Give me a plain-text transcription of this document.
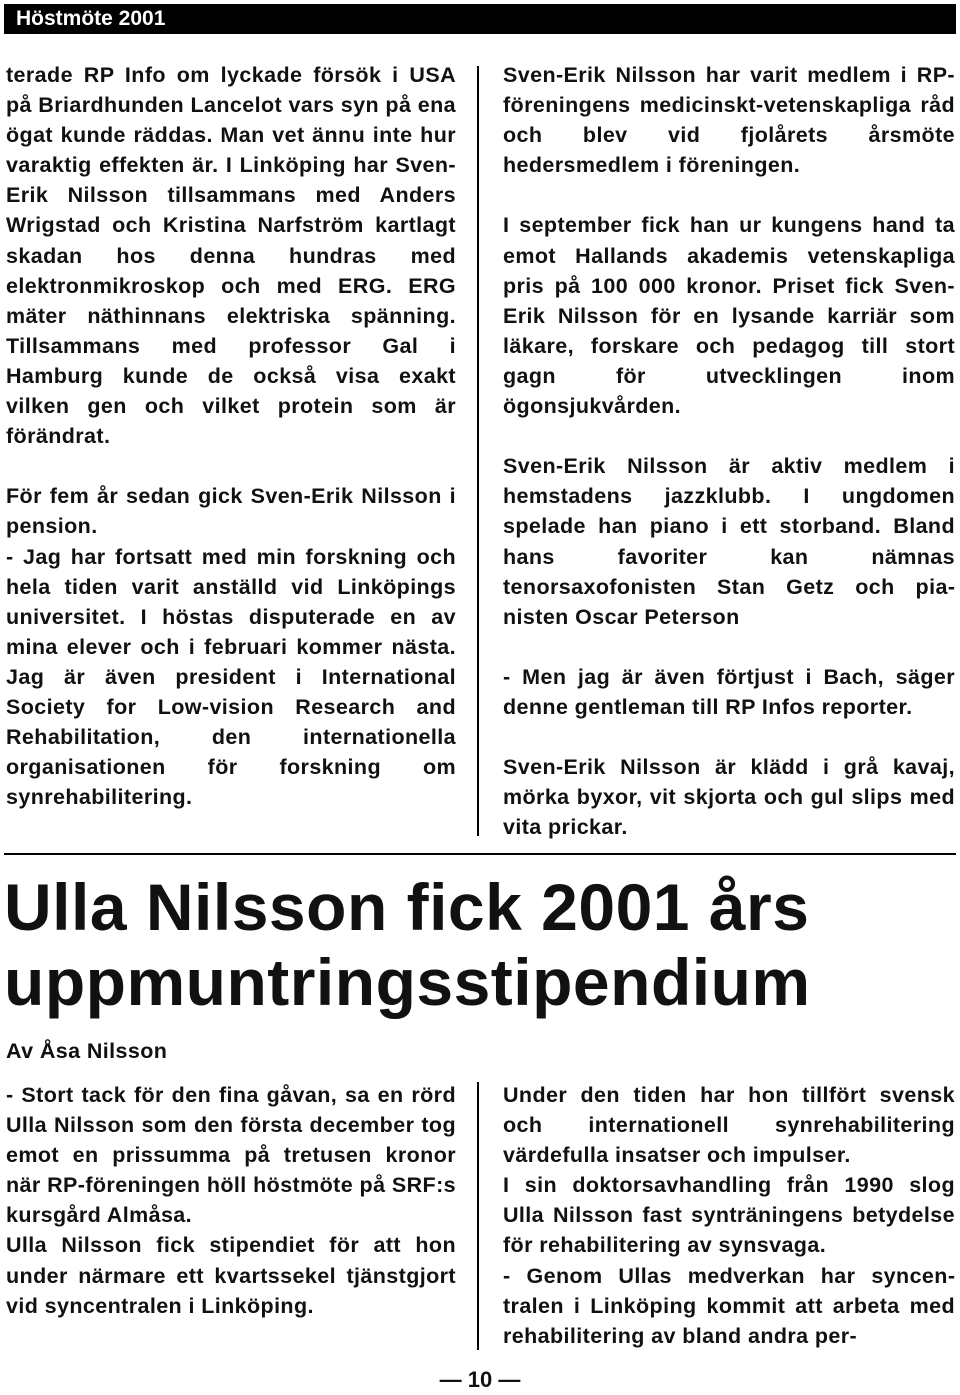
Höstmöte 2001

terade RP Info om lyckade försök i USA på Briardhunden Lancelot vars syn på ena ögat kunde räddas. Man vet ännu inte hur varaktig effekten är. I Linköping har Sven-Erik Nilsson tillsammans med Anders Wrigstad och Kristina Narfström kartlagt skadan hos denna hundras med elektronmikroskop och med ERG. ERG mäter näthinnans elektriska spänning. Tillsammans med professor Gal i Hamburg kunde de också visa exakt vilken gen och vilket protein som är förändrat.

För fem år sedan gick Sven-Erik Nilsson i pension.

- Jag har fortsatt med min forskning och hela tiden varit anställd vid Linköpings universitet. I höstas disputerade en av mina elever och i februari kommer nästa. Jag är även president i International Society for Low-vision Research and Rehabilitation, den internationella organisationen för forskning om synrehabilitering.

Sven-Erik Nilsson har varit medlem i RP-föreningens medicinskt-vetenskapliga råd och blev vid fjolårets årsmöte hedersmedlem i föreningen.

I september fick han ur kungens hand ta emot Hallands akademis vetenskapliga pris på 100 000 kronor. Priset fick Sven-Erik Nilsson för en lysande karriär som läkare, forskare och pedagog till stort gagn för utvecklingen inom ögonsjukvården.

Sven-Erik Nilsson är aktiv medlem i hemstadens jazzklubb. I ungdomen spelade han piano i ett storband. Bland hans favoriter kan nämnas tenorsaxofonisten Stan Getz och pianisten Oscar Peterson

- Men jag är även förtjust i Bach, säger denne gentleman till RP Infos reporter.

Sven-Erik Nilsson är klädd i grå kavaj, mörka byxor, vit skjorta och gul slips med vita prickar.

Ulla Nilsson fick 2001 års
uppmuntringsstipendium
Av Åsa Nilsson

- Stort tack för den fina gåvan, sa en rörd Ulla Nilsson som den första december tog emot en prissumma på tretusen kronor när RP-föreningen höll höstmöte på SRF:s kursgård Almåsa.

Ulla Nilsson fick stipendiet för att hon under närmare ett kvartssekel tjänstgjort vid syncentralen i Linköping.

Under den tiden har hon tillfört svensk och internationell synrehabilitering värdefulla insatser och impulser.

I sin doktorsavhandling från 1990 slog Ulla Nilsson fast synträningens betydelse för rehabilitering av synsvaga.

- Genom Ullas medverkan har syncentralen i Linköping kommit att arbeta med rehabilitering av bland andra per-

— 10 —
